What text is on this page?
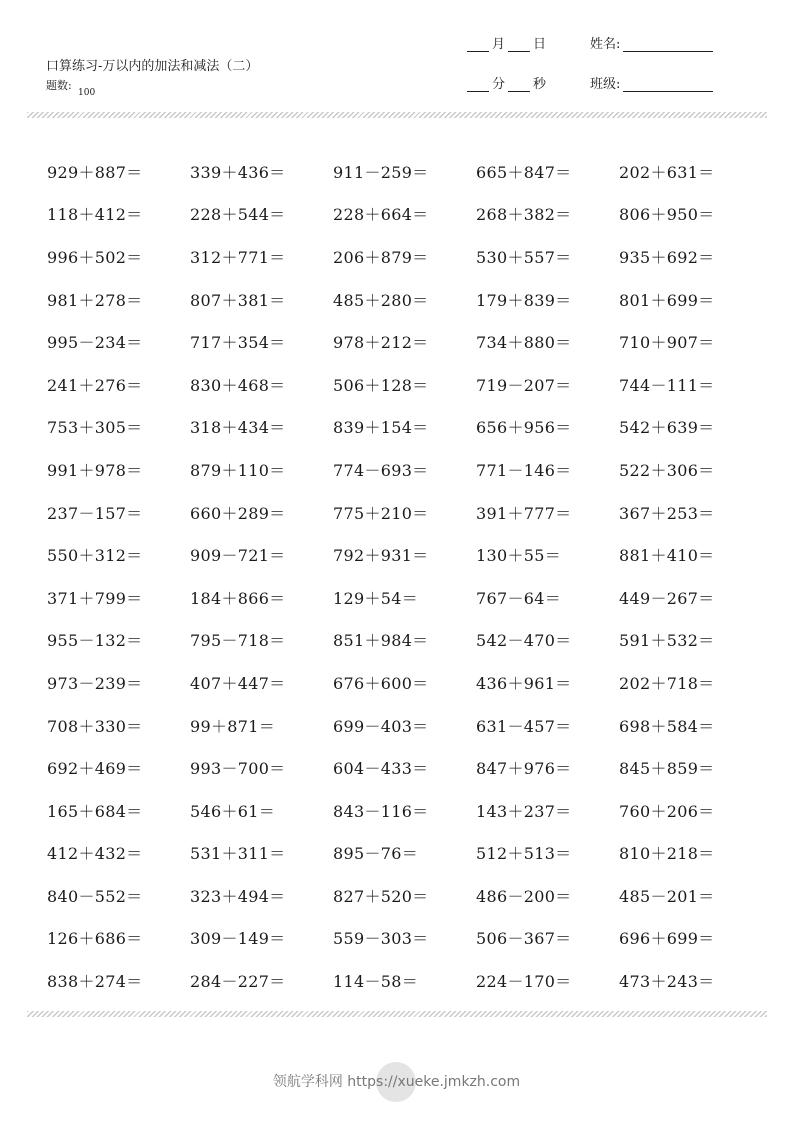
口算练习-万以内的加法和减法（二）
题数:
100
月 日
分 秒
姓名:
班级:
929＋887＝	339＋436＝	911－259＝	665＋847＝	202＋631＝
118＋412＝	228＋544＝	228＋664＝	268＋382＝	806＋950＝
996＋502＝	312＋771＝	206＋879＝	530＋557＝	935＋692＝
981＋278＝	807＋381＝	485＋280＝	179＋839＝	801＋699＝
995－234＝	717＋354＝	978＋212＝	734＋880＝	710＋907＝
241＋276＝	830＋468＝	506＋128＝	719－207＝	744－111＝
753＋305＝	318＋434＝	839＋154＝	656＋956＝	542＋639＝
991＋978＝	879＋110＝	774－693＝	771－146＝	522＋306＝
237－157＝	660＋289＝	775＋210＝	391＋777＝	367＋253＝
550＋312＝	909－721＝	792＋931＝	130＋55＝	881＋410＝
371＋799＝	184＋866＝	129＋54＝	767－64＝	449－267＝
955－132＝	795－718＝	851＋984＝	542－470＝	591＋532＝
973－239＝	407＋447＝	676＋600＝	436＋961＝	202＋718＝
708＋330＝	99＋871＝	699－403＝	631－457＝	698＋584＝
692＋469＝	993－700＝	604－433＝	847＋976＝	845＋859＝
165＋684＝	546＋61＝	843－116＝	143＋237＝	760＋206＝
412＋432＝	531＋311＝	895－76＝	512＋513＝	810＋218＝
840－552＝	323＋494＝	827＋520＝	486－200＝	485－201＝
126＋686＝	309－149＝	559－303＝	506－367＝	696＋699＝
838＋274＝	284－227＝	114－58＝	224－170＝	473＋243＝
领航学科网 https://xueke.jmkzh.com
